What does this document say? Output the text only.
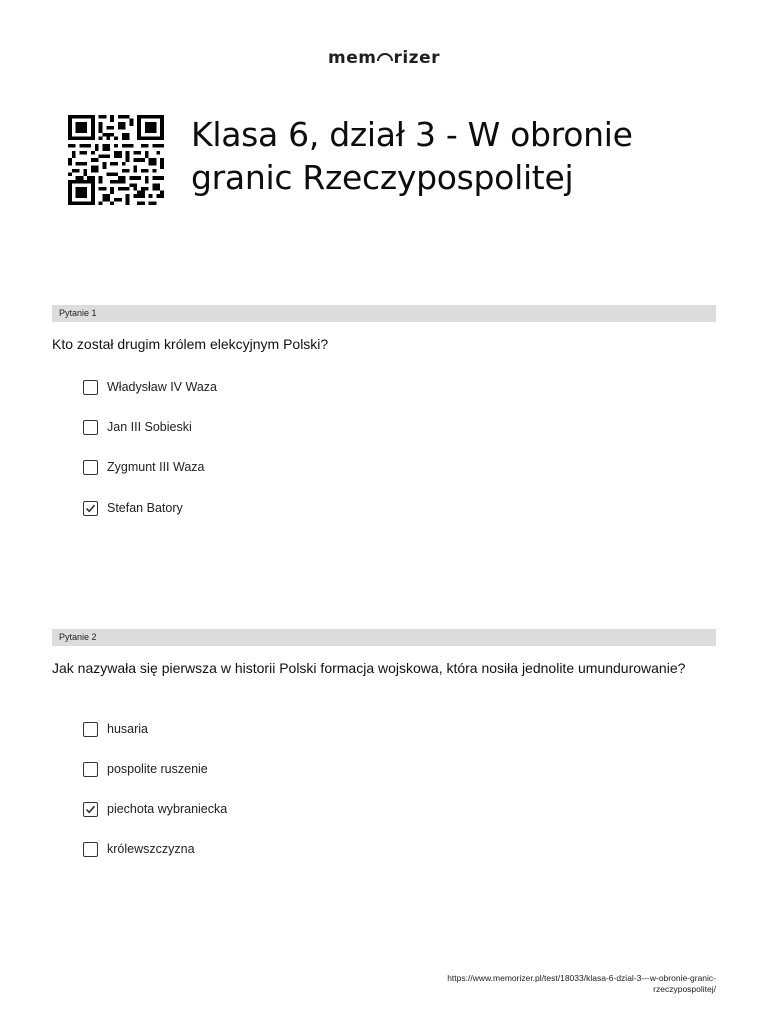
mem rizer
Klasa 6, dział 3 - W obronie granic Rzeczypospolitej
Pytanie 1

Kto został drugim królem elekcyjnym Polski?

Władysław IV Waza
Jan III Sobieski
Zygmunt III Waza
Stefan Batory
Pytanie 2

Jak nazywała się pierwsza w historii Polski formacja wojskowa, która nosiła jednolite umundurowanie?

husaria
pospolite ruszenie
piechota wybraniecka
królewszczyzna
https://www.memorizer.pl/test/18033/klasa-6-dzial-3---w-obronie-granic-rzeczypospolitej/
